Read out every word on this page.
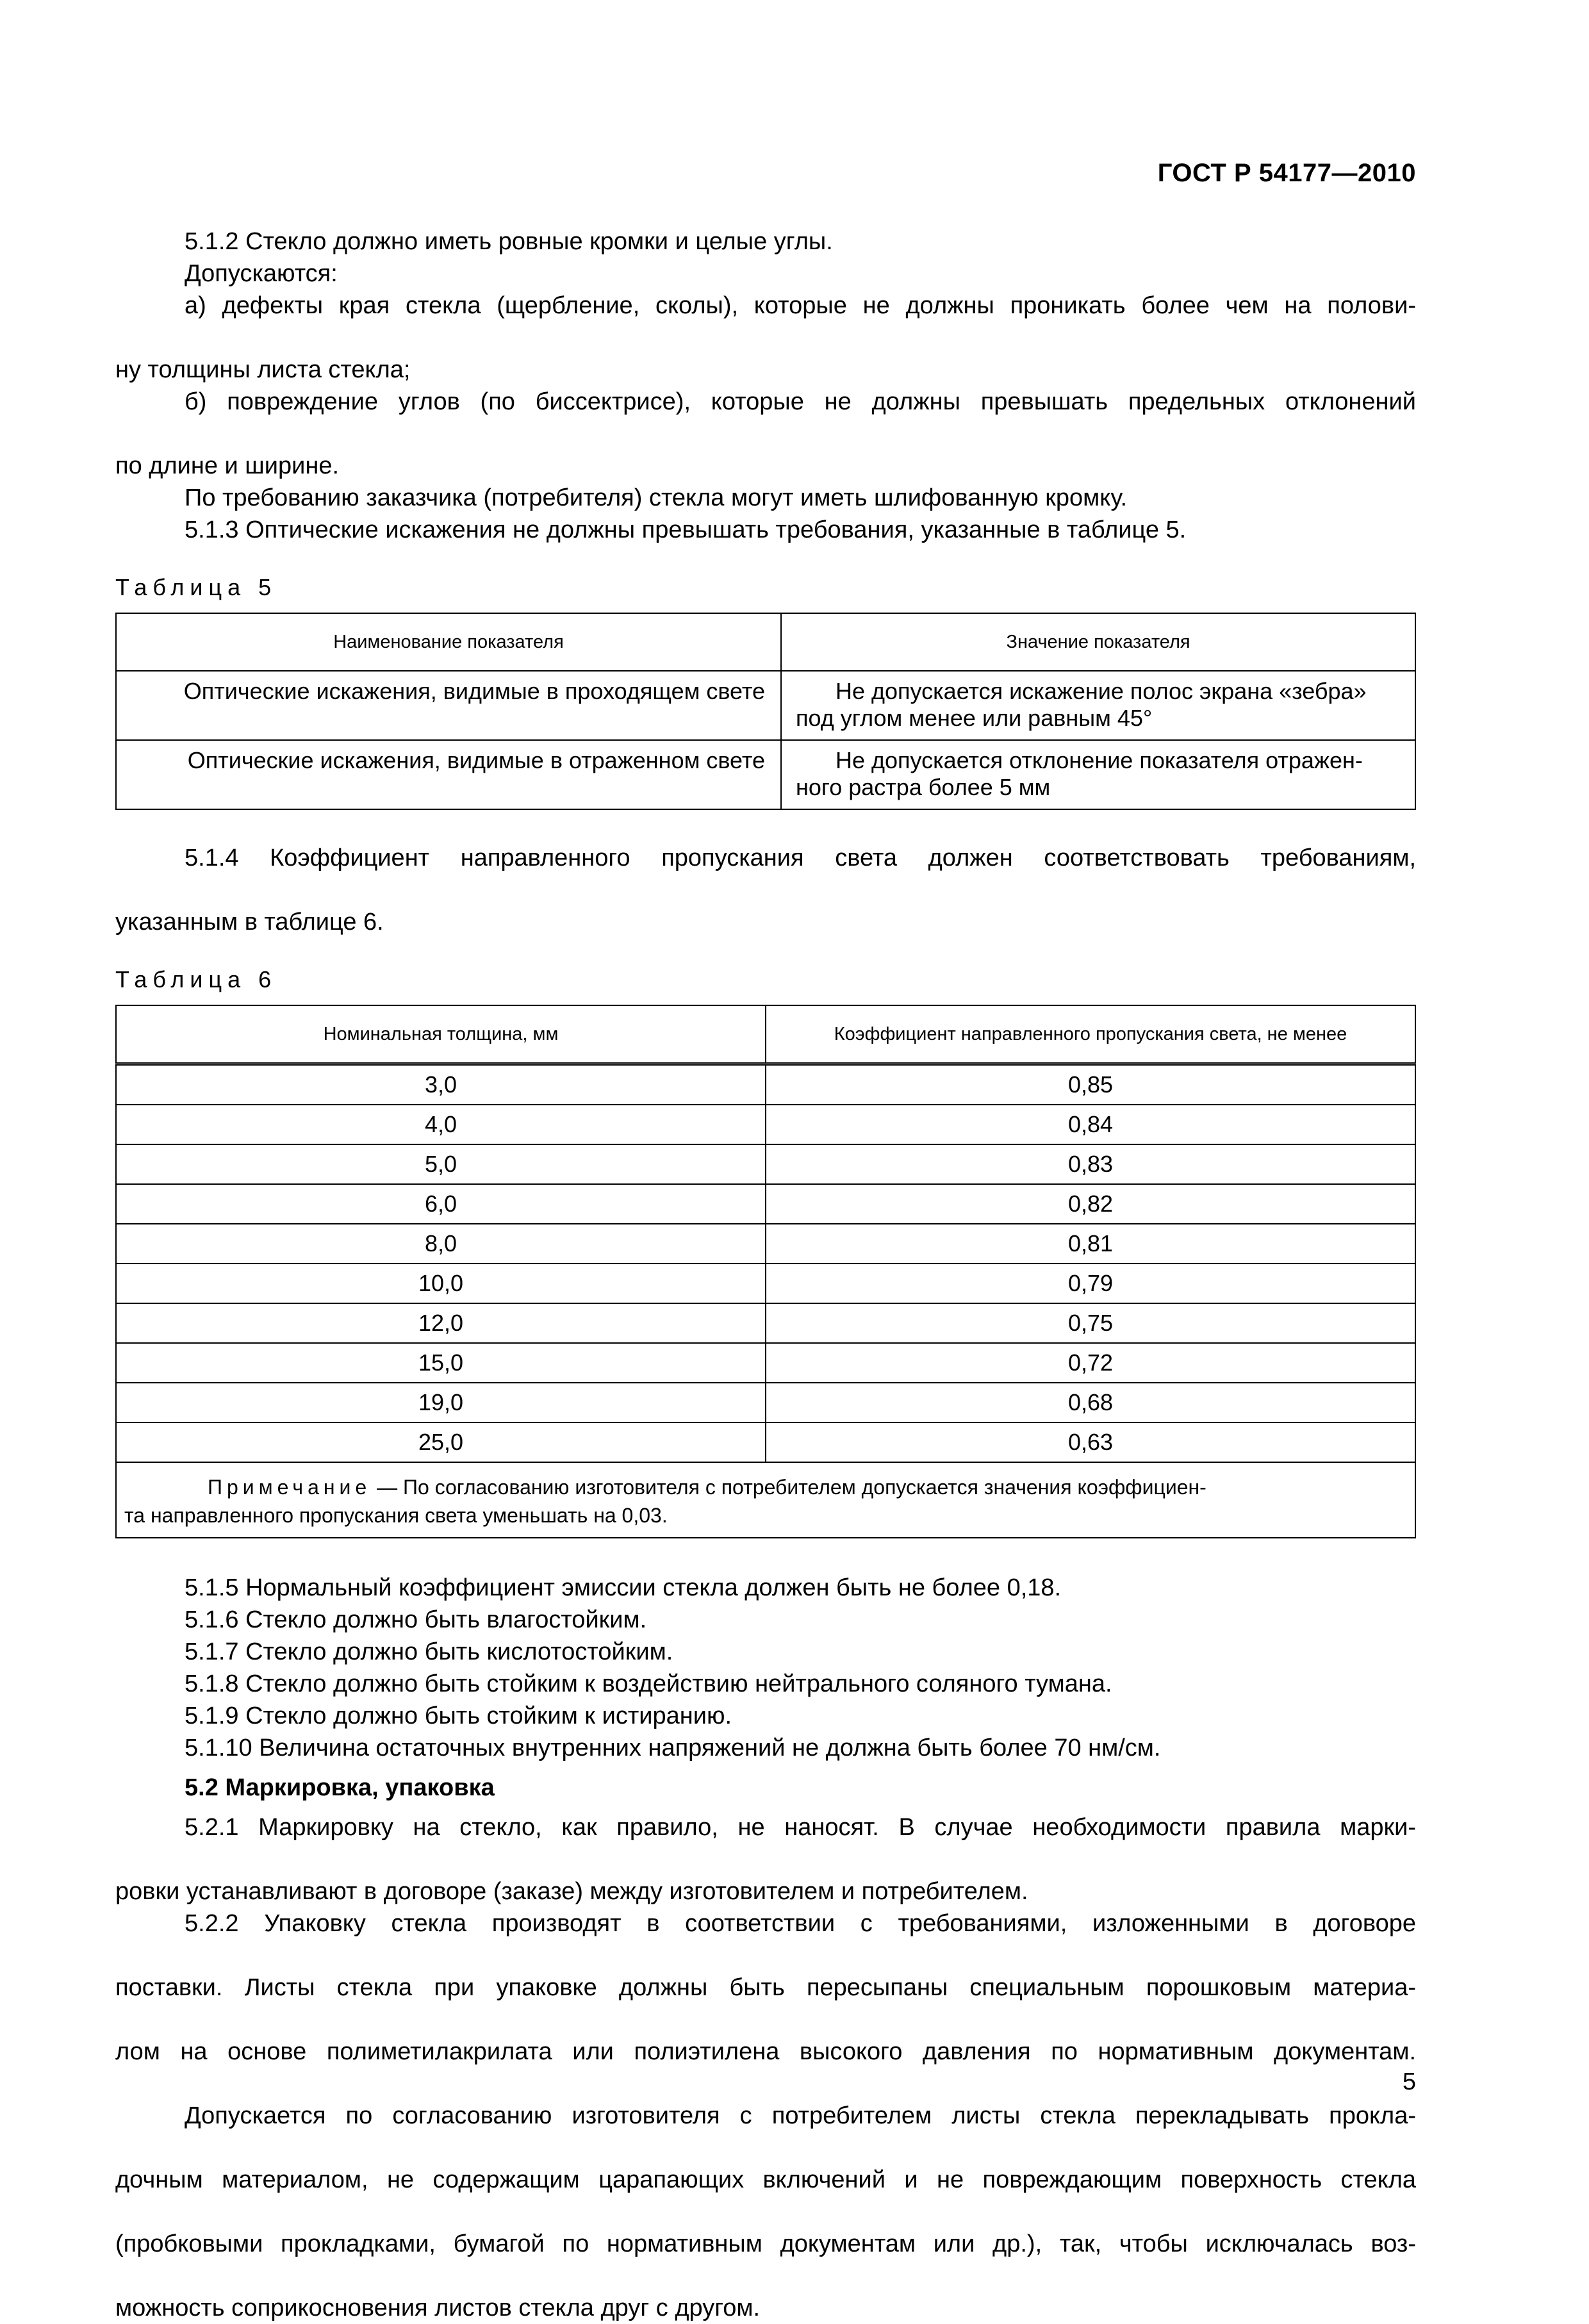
ГОСТ Р 54177—2010

5.1.2 Стекло должно иметь ровные кромки и целые углы.

Допускаются:

а) дефекты края стекла (щербление, сколы), которые не должны проникать более чем на полови-

ну толщины листа стекла;

б) повреждение углов (по биссектрисе), которые не должны превышать предельных отклонений

по длине и ширине.

По требованию заказчика (потребителя) стекла могут иметь шлифованную кромку.

5.1.3 Оптические искажения не должны превышать требования, указанные в таблице 5.

Таблица 5
Наименование показателя	Значение показателя
Оптические искажения, видимые в проходящем свете	Не допускается искажение полос экрана «зебра»
под углом менее или равным 45°
Оптические искажения, видимые в отраженном свете	Не допускается отклонение показателя отражен-
ного растра более 5 мм

5.1.4 Коэффициент направленного пропускания света должен соответствовать требованиям,

указанным в таблице 6.

Таблица 6
Номинальная толщина, мм	Коэффициент направленного пропускания света, не менее
3,0	0,85
4,0	0,84
5,0	0,83
6,0	0,82
8,0	0,81
10,0	0,79
12,0	0,75
15,0	0,72
19,0	0,68
25,0	0,63

Примечание — По согласованию изготовителя с потребителем допускается значения коэффициен-
та направленного пропускания света уменьшать на 0,03.	

5.1.5 Нормальный коэффициент эмиссии стекла должен быть не более 0,18.

5.1.6 Стекло должно быть влагостойким.

5.1.7 Стекло должно быть кислотостойким.

5.1.8 Стекло должно быть стойким к воздействию нейтрального соляного тумана.

5.1.9 Стекло должно быть стойким к истиранию.

5.1.10 Величина остаточных внутренних напряжений не должна быть более 70 нм/см.

5.2 Маркировка, упаковка

5.2.1 Маркировку на стекло, как правило, не наносят. В случае необходимости правила марки-

ровки устанавливают в договоре (заказе) между изготовителем и потребителем.

5.2.2 Упаковку стекла производят в соответствии с требованиями, изложенными в договоре

поставки. Листы стекла при упаковке должны быть пересыпаны специальным порошковым материа-

лом на основе полиметилакрилата или полиэтилена высокого давления по нормативным документам.

Допускается по согласованию изготовителя с потребителем листы стекла перекладывать прокла-

дочным материалом, не содержащим царапающих включений и не повреждающим поверхность стекла

(пробковыми прокладками, бумагой по нормативным документам или др.), так, чтобы исключалась воз-

можность соприкосновения листов стекла друг с другом.

5
